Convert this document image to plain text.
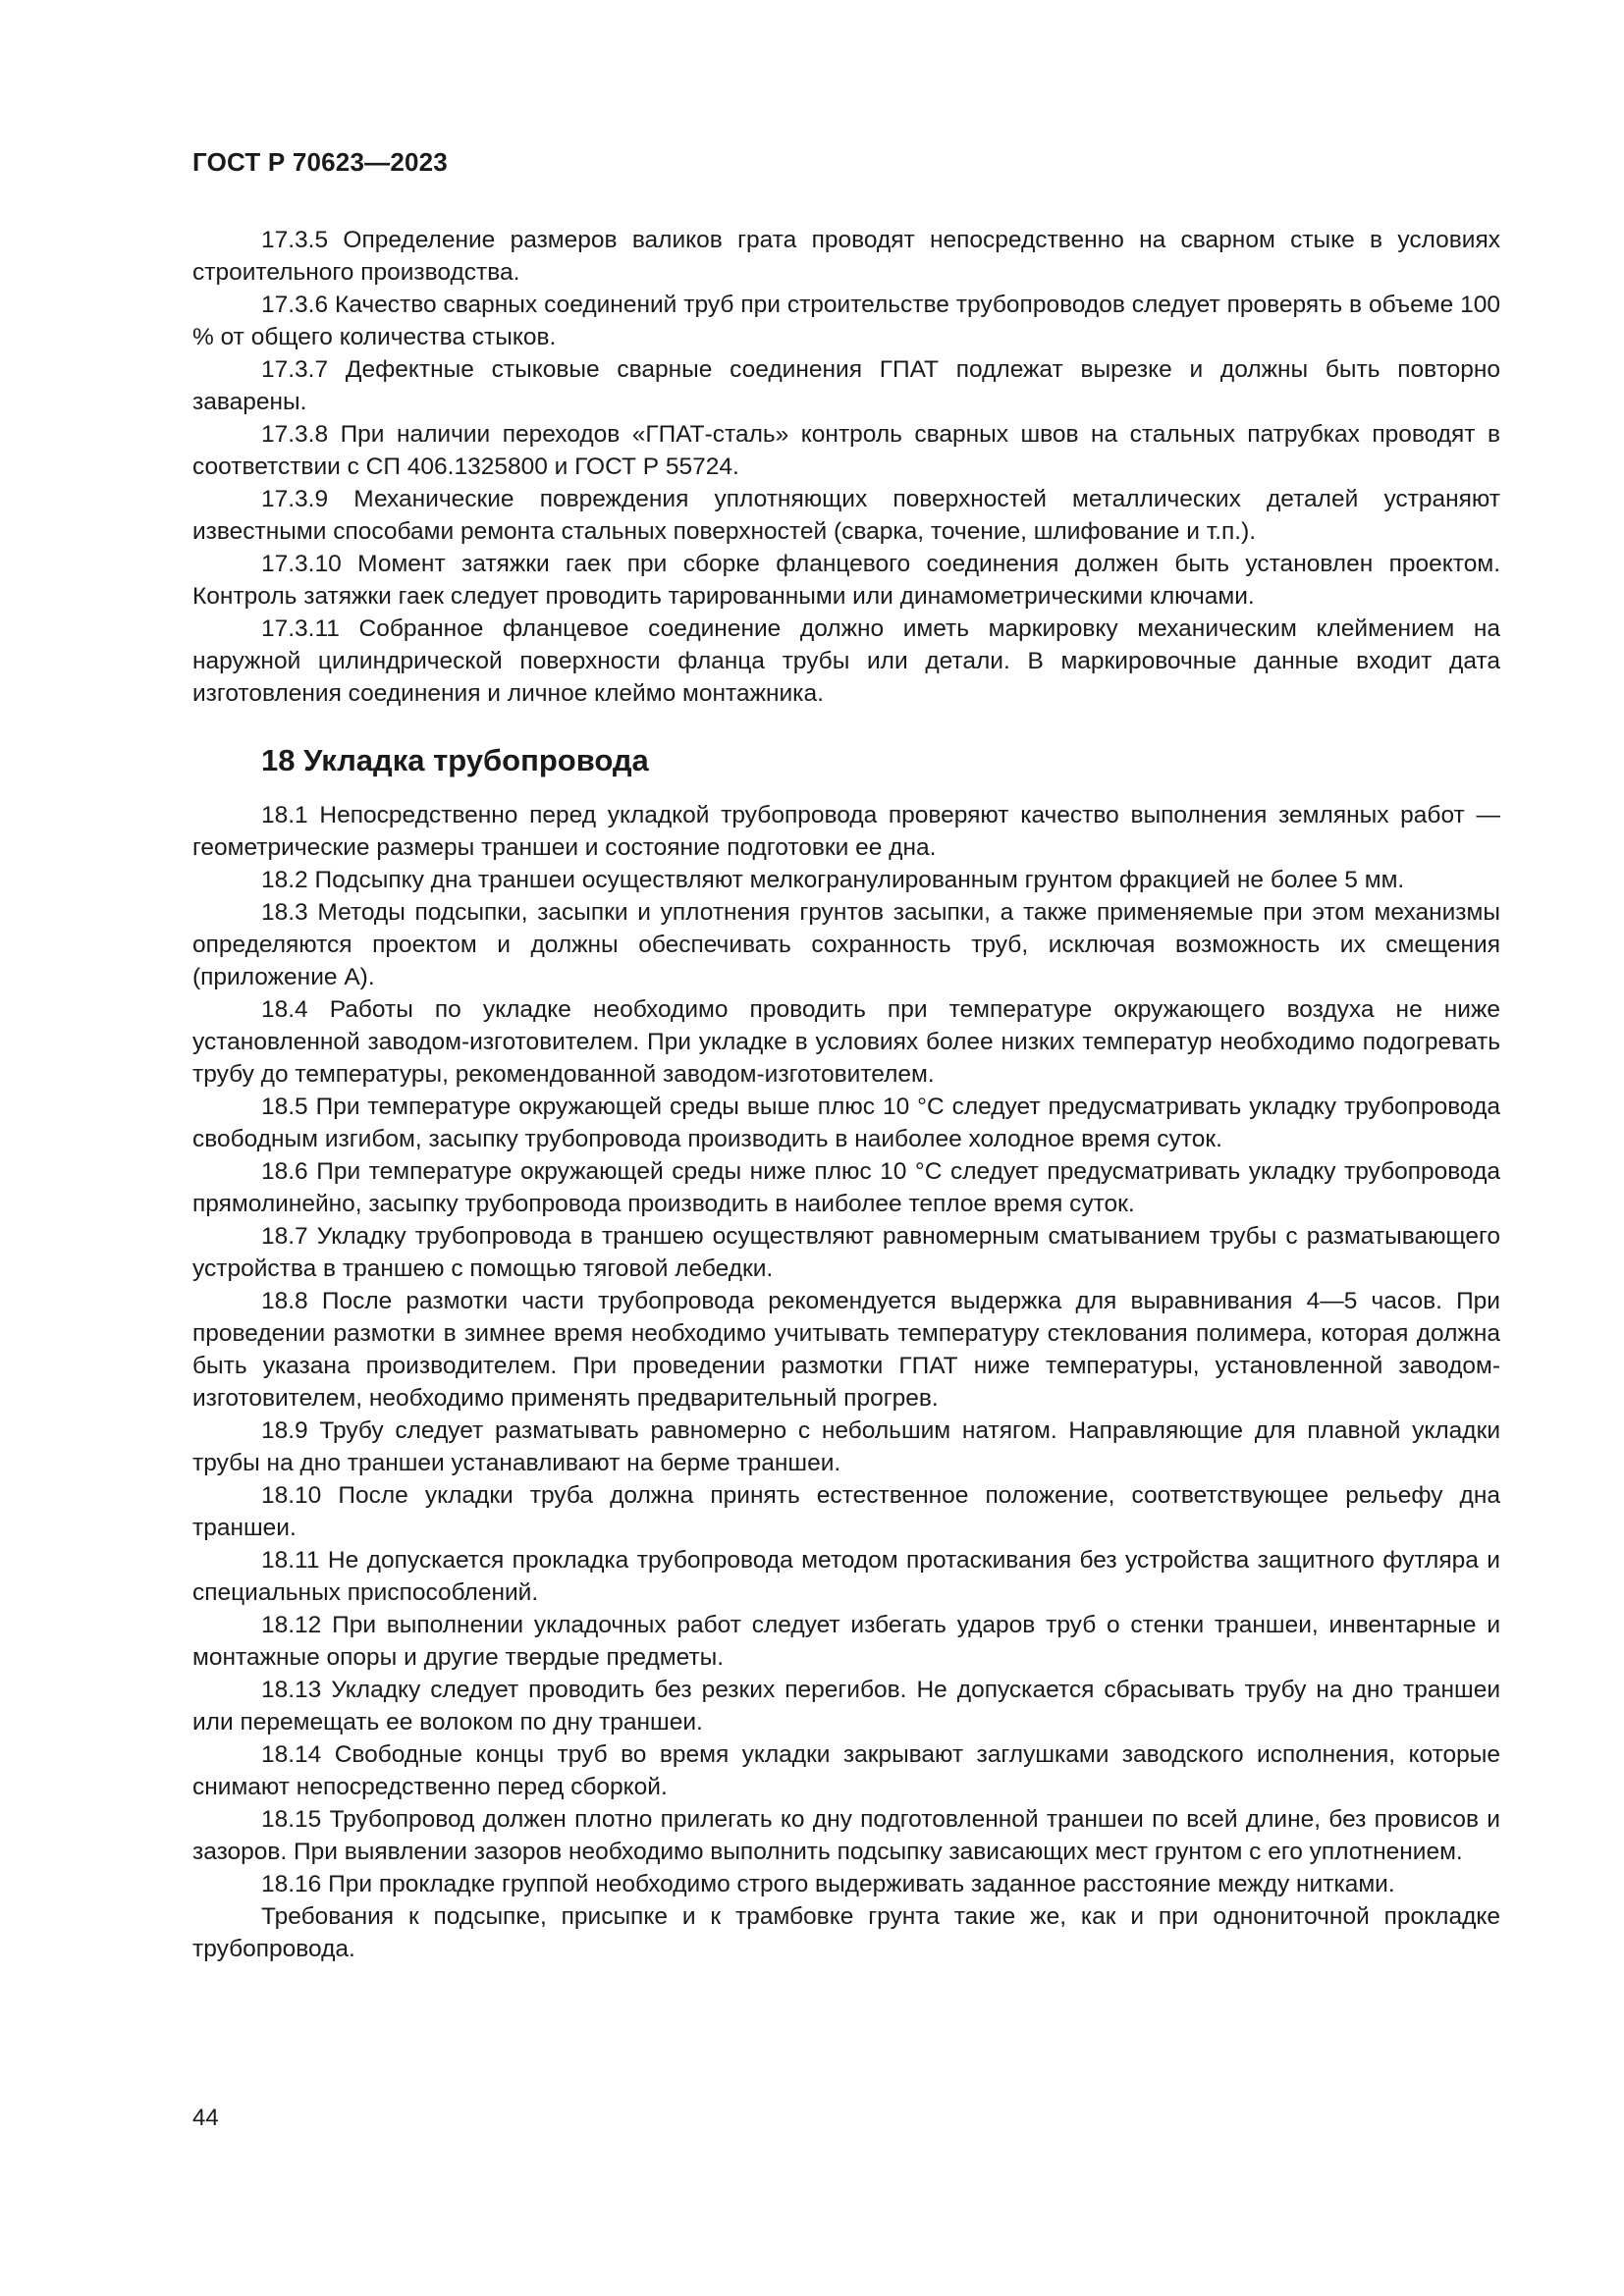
ГОСТ Р 70623—2023

17.3.5 Определение размеров валиков грата проводят непосредственно на сварном стыке в условиях строительного производства.

17.3.6 Качество сварных соединений труб при строительстве трубопроводов следует проверять в объеме 100 % от общего количества стыков.

17.3.7 Дефектные стыковые сварные соединения ГПАТ подлежат вырезке и должны быть повторно заварены.

17.3.8 При наличии переходов «ГПАТ-сталь» контроль сварных швов на стальных патрубках проводят в соответствии с СП 406.1325800 и ГОСТ Р 55724.

17.3.9 Механические повреждения уплотняющих поверхностей металлических деталей устраняют известными способами ремонта стальных поверхностей (сварка, точение, шлифование и т.п.).

17.3.10 Момент затяжки гаек при сборке фланцевого соединения должен быть установлен проектом. Контроль затяжки гаек следует проводить тарированными или динамометрическими ключами.

17.3.11 Собранное фланцевое соединение должно иметь маркировку механическим клеймением на наружной цилиндрической поверхности фланца трубы или детали. В маркировочные данные входит дата изготовления соединения и личное клеймо монтажника.

18 Укладка трубопровода

18.1 Непосредственно перед укладкой трубопровода проверяют качество выполнения земляных работ — геометрические размеры траншеи и состояние подготовки ее дна.

18.2 Подсыпку дна траншеи осуществляют мелкогранулированным грунтом фракцией не более 5 мм.

18.3 Методы подсыпки, засыпки и уплотнения грунтов засыпки, а также применяемые при этом механизмы определяются проектом и должны обеспечивать сохранность труб, исключая возможность их смещения (приложение А).

18.4 Работы по укладке необходимо проводить при температуре окружающего воздуха не ниже установленной заводом-изготовителем. При укладке в условиях более низких температур необходимо подогревать трубу до температуры, рекомендованной заводом-изготовителем.

18.5 При температуре окружающей среды выше плюс 10 °С следует предусматривать укладку трубопровода свободным изгибом, засыпку трубопровода производить в наиболее холодное время суток.

18.6 При температуре окружающей среды ниже плюс 10 °С следует предусматривать укладку трубопровода прямолинейно, засыпку трубопровода производить в наиболее теплое время суток.

18.7 Укладку трубопровода в траншею осуществляют равномерным сматыванием трубы с разматывающего устройства в траншею с помощью тяговой лебедки.

18.8 После размотки части трубопровода рекомендуется выдержка для выравнивания 4—5 часов. При проведении размотки в зимнее время необходимо учитывать температуру стеклования полимера, которая должна быть указана производителем. При проведении размотки ГПАТ ниже температуры, установленной заводом-изготовителем, необходимо применять предварительный прогрев.

18.9 Трубу следует разматывать равномерно с небольшим натягом. Направляющие для плавной укладки трубы на дно траншеи устанавливают на берме траншеи.

18.10 После укладки труба должна принять естественное положение, соответствующее рельефу дна траншеи.

18.11 Не допускается прокладка трубопровода методом протаскивания без устройства защитного футляра и специальных приспособлений.

18.12 При выполнении укладочных работ следует избегать ударов труб о стенки траншеи, инвентарные и монтажные опоры и другие твердые предметы.

18.13 Укладку следует проводить без резких перегибов. Не допускается сбрасывать трубу на дно траншеи или перемещать ее волоком по дну траншеи.

18.14 Свободные концы труб во время укладки закрывают заглушками заводского исполнения, которые снимают непосредственно перед сборкой.

18.15 Трубопровод должен плотно прилегать ко дну подготовленной траншеи по всей длине, без провисов и зазоров. При выявлении зазоров необходимо выполнить подсыпку зависающих мест грунтом с его уплотнением.

18.16 При прокладке группой необходимо строго выдерживать заданное расстояние между нитками.

Требования к подсыпке, присыпке и к трамбовке грунта такие же, как и при однониточной прокладке трубопровода.

44
